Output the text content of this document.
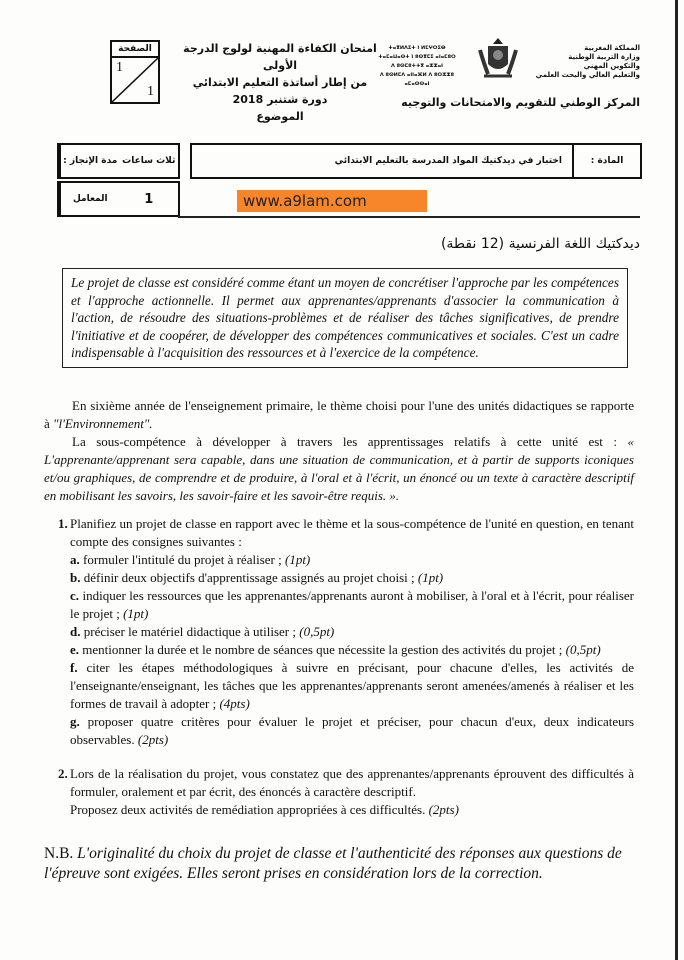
الصفحة
1
1
امتحان الكفاءة المهنية لولوج الدرجة الأولى
من إطار أساتذة التعليم الابتدائي
دورة شتنبر 2018
الموضوع
ⵜⴰⴳⵍⴷⵉⵜ ⵏ ⵍⵎⵖⵔⵉⴱ
ⵜⴰⵎⴰⵡⴰⵙⵜ ⵏ ⵓⵙⴳⵎⵉ ⴰⵏⴰⵎⵓⵔ
ⴷ ⵓⵙⵎⵓⵜⵜⴳ ⴰⵣⵣⴰⵏ
ⴷ ⵓⵙⵍⵎⴷ ⴰⵏⵏⴰⴼⵍ ⴷ ⵓⵔⵣⵣⵓ ⴰⵎⴰⵙⵙⴰⵏ
المملكة المغربية
وزارة التربية الوطنية
والتكوين المهني
والتعليم العالي والبحث العلمي
المركز الوطني للتقويم والامتحانات والتوجيه
ثلاث ساعات
مدة الإنجاز :
1
المعامل
المادة :
اختبار في ديدكتيك المواد المدرسة بالتعليم الابتدائي
www.a9lam.com
ديدكتيك اللغة الفرنسية (12 نقطة)
Le projet de classe est considéré comme étant un moyen de concrétiser l'approche par les compétences et l'approche actionnelle. Il permet aux apprenantes/apprenants d'associer la communication à l'action, de résoudre des situations-problèmes et de réaliser des tâches significatives, de prendre l'initiative et de coopérer, de développer des compétences communicatives et sociales. C'est un cadre indispensable à l'acquisition des ressources et à l'exercice de la compétence.

En sixième année de l'enseignement primaire, le thème choisi pour l'une des unités didactiques se rapporte à "l'Environnement".

La sous-compétence à développer à travers les apprentissages relatifs à cette unité est : « L'apprenante/apprenant sera capable, dans une situation de communication, et à partir de supports iconiques et/ou graphiques, de comprendre et de produire, à l'oral et à l'écrit, un énoncé ou un texte à caractère descriptif en mobilisant les savoirs, les savoir-faire et les savoir-être requis. ».

1. Planifiez un projet de classe en rapport avec le thème et la sous-compétence de l'unité en question, en tenant compte des consignes suivantes :

a. formuler l'intitulé du projet à réaliser ; (1pt)

b. définir deux objectifs d'apprentissage assignés au projet choisi ; (1pt)

c. indiquer les ressources que les apprenantes/apprenants auront à mobiliser, à l'oral et à l'écrit, pour réaliser le projet ; (1pt)

d. préciser le matériel didactique à utiliser ; (0,5pt)

e. mentionner la durée et le nombre de séances que nécessite la gestion des activités du projet ; (0,5pt)

f. citer les étapes méthodologiques à suivre en précisant, pour chacune d'elles, les activités de l'enseignante/enseignant, les tâches que les apprenantes/apprenants seront amenées/amenés à réaliser et les formes de travail à adopter ; (4pts)

g. proposer quatre critères pour évaluer le projet et préciser, pour chacun d'eux, deux indicateurs observables. (2pts)

2. Lors de la réalisation du projet, vous constatez que des apprenantes/apprenants éprouvent des difficultés à formuler, oralement et par écrit, des énoncés à caractère descriptif.
Proposez deux activités de remédiation appropriées à ces difficultés. (2pts)

N.B. L'originalité du choix du projet de classe et l'authenticité des réponses aux questions de l'épreuve sont exigées. Elles seront prises en considération lors de la correction.
